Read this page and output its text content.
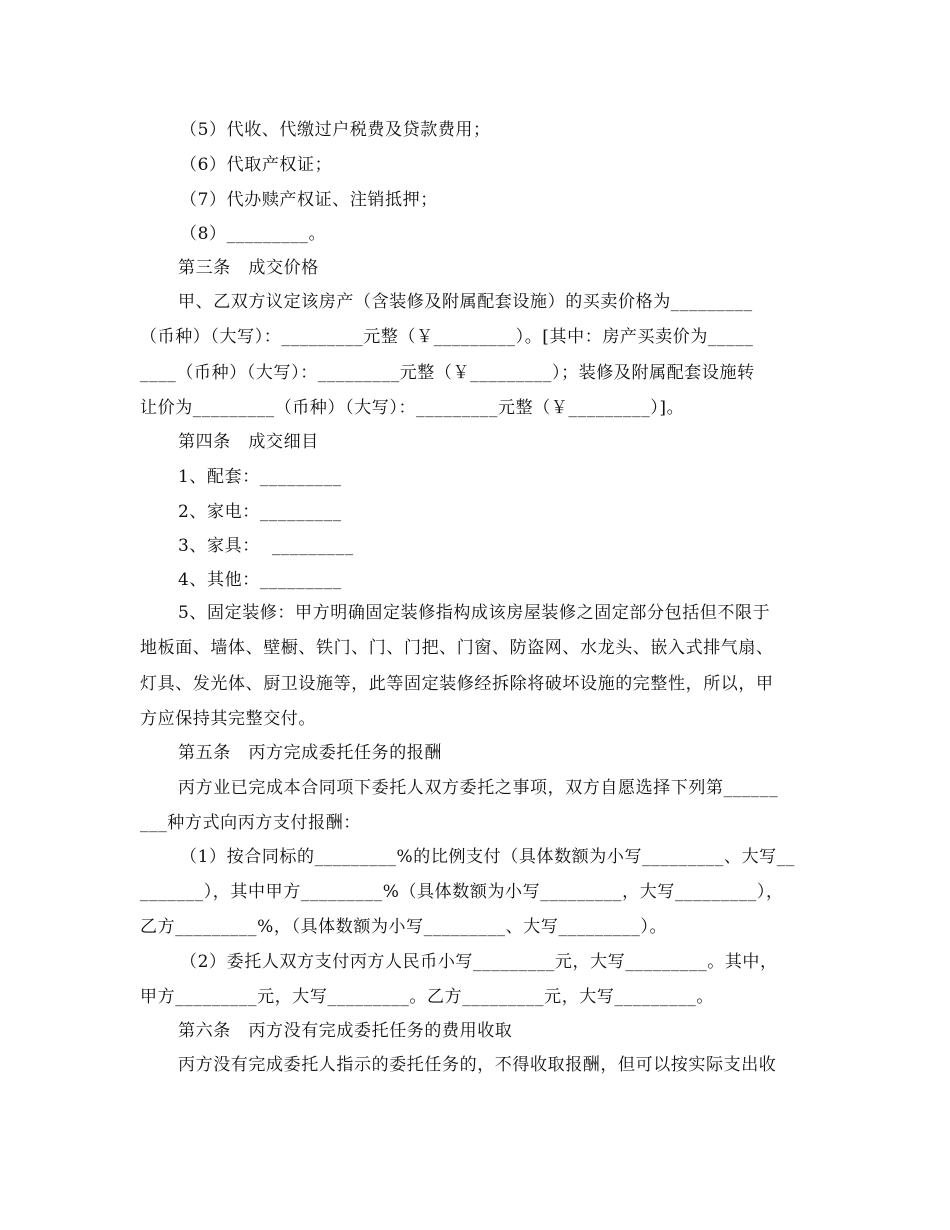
（5）代收、代缴过户税费及贷款费用；
（6）代取产权证；
（7）代办赎产权证、注销抵押；
（8）_________。
第三条　成交价格
甲、乙双方议定该房产（含装修及附属配套设施）的买卖价格为_________
（币种）（大写）：_________元整（￥_________）。[其中：房产买卖价为_____
____（币种）（大写）：_________元整（￥_________）；装修及附属配套设施转
让价为_________（币种）（大写）：_________元整（￥_________）]。
第四条　成交细目
1、配套：_________
2、家电：_________
3、家具：  _________
4、其他：_________
5、固定装修：甲方明确固定装修指构成该房屋装修之固定部分包括但不限于
地板面、墙体、壁橱、铁门、门、门把、门窗、防盗网、水龙头、嵌入式排气扇、
灯具、发光体、厨卫设施等，此等固定装修经拆除将破坏设施的完整性，所以，甲
方应保持其完整交付。
第五条　丙方完成委托任务的报酬
丙方业已完成本合同项下委托人双方委托之事项，双方自愿选择下列第______
___种方式向丙方支付报酬：
（1）按合同标的_________%的比例支付（具体数额为小写_________、大写__
_______），其中甲方_________%（具体数额为小写_________，大写_________），
乙方_________%，（具体数额为小写_________、大写_________）。
（2）委托人双方支付丙方人民币小写_________元，大写_________。其中，
甲方_________元，大写_________。乙方_________元，大写_________。
第六条　丙方没有完成委托任务的费用收取
丙方没有完成委托人指示的委托任务的，不得收取报酬，但可以按实际支出收
